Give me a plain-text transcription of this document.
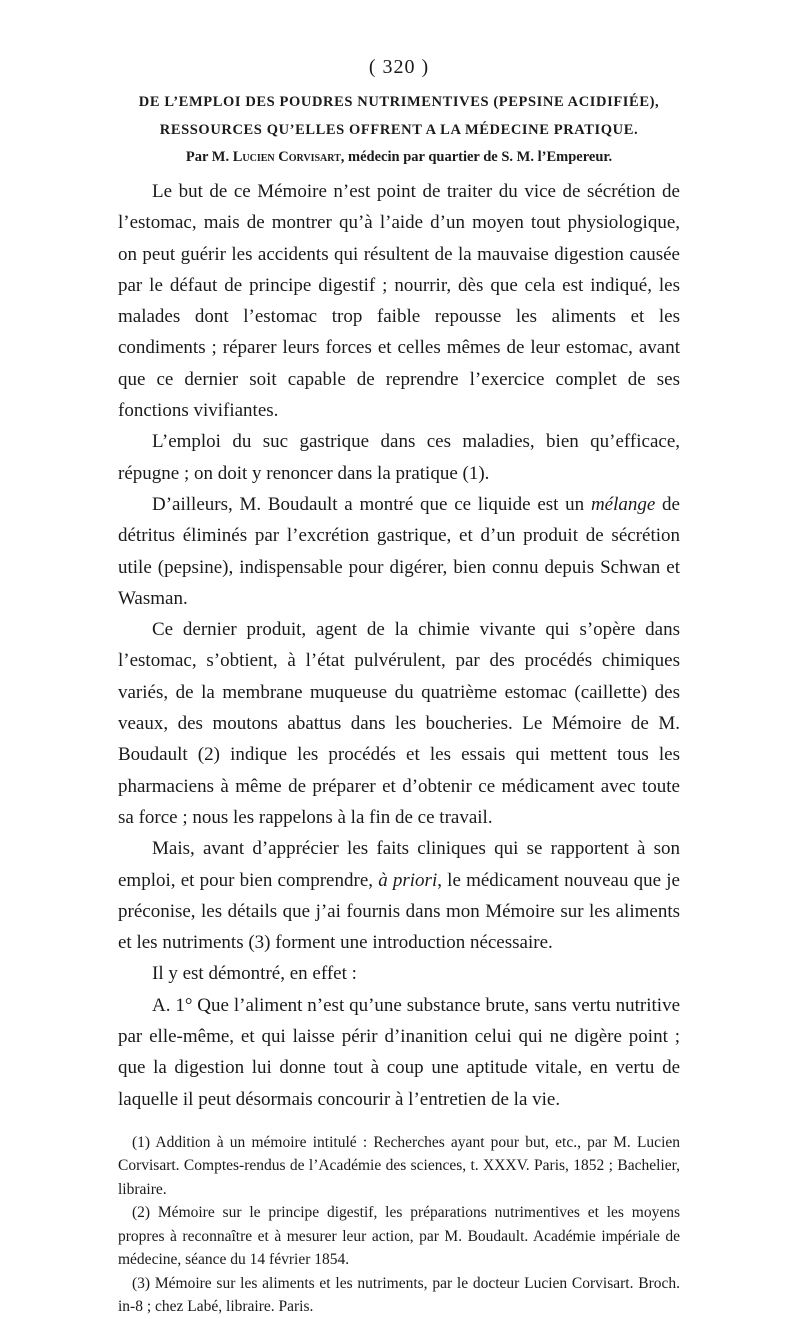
( 320 )

DE L’EMPLOI DES POUDRES NUTRIMENTIVES (PEPSINE ACIDIFIÉE),

RESSOURCES QU’ELLES OFFRENT A LA MÉDECINE PRATIQUE.

Par M. Lucien Corvisart, médecin par quartier de S. M. l’Empereur.

Le but de ce Mémoire n’est point de traiter du vice de sécrétion de l’estomac, mais de montrer qu’à l’aide d’un moyen tout physiologique, on peut guérir les accidents qui résultent de la mauvaise digestion causée par le défaut de principe digestif ; nourrir, dès que cela est indiqué, les malades dont l’estomac trop faible repousse les aliments et les condiments ; réparer leurs forces et celles mêmes de leur estomac, avant que ce dernier soit capable de reprendre l’exercice complet de ses fonctions vivifiantes.

L’emploi du suc gastrique dans ces maladies, bien qu’efficace, répugne ; on doit y renoncer dans la pratique (1).

D’ailleurs, M. Boudault a montré que ce liquide est un mélange de détritus éliminés par l’excrétion gastrique, et d’un produit de sécrétion utile (pepsine), indispensable pour digérer, bien connu depuis Schwan et Wasman.

Ce dernier produit, agent de la chimie vivante qui s’opère dans l’estomac, s’obtient, à l’état pulvérulent, par des procédés chimiques variés, de la membrane muqueuse du quatrième estomac (caillette) des veaux, des moutons abattus dans les boucheries. Le Mémoire de M. Boudault (2) indique les procédés et les essais qui mettent tous les pharmaciens à même de préparer et d’obtenir ce médicament avec toute sa force ; nous les rappelons à la fin de ce travail.

Mais, avant d’apprécier les faits cliniques qui se rapportent à son emploi, et pour bien comprendre, à priori, le médicament nouveau que je préconise, les détails que j’ai fournis dans mon Mémoire sur les aliments et les nutriments (3) forment une introduction nécessaire.

Il y est démontré, en effet :

A. 1° Que l’aliment n’est qu’une substance brute, sans vertu nutritive par elle-même, et qui laisse périr d’inanition celui qui ne digère point ; que la digestion lui donne tout à coup une aptitude vitale, en vertu de laquelle il peut désormais concourir à l’entretien de la vie.

(1) Addition à un mémoire intitulé : Recherches ayant pour but, etc., par M. Lucien Corvisart. Comptes-rendus de l’Académie des sciences, t. XXXV. Paris, 1852 ; Bachelier, libraire.

(2) Mémoire sur le principe digestif, les préparations nutrimentives et les moyens propres à reconnaître et à mesurer leur action, par M. Boudault. Académie impériale de médecine, séance du 14 février 1854.

(3) Mémoire sur les aliments et les nutriments, par le docteur Lucien Corvisart. Broch. in-8 ; chez Labé, libraire. Paris.
